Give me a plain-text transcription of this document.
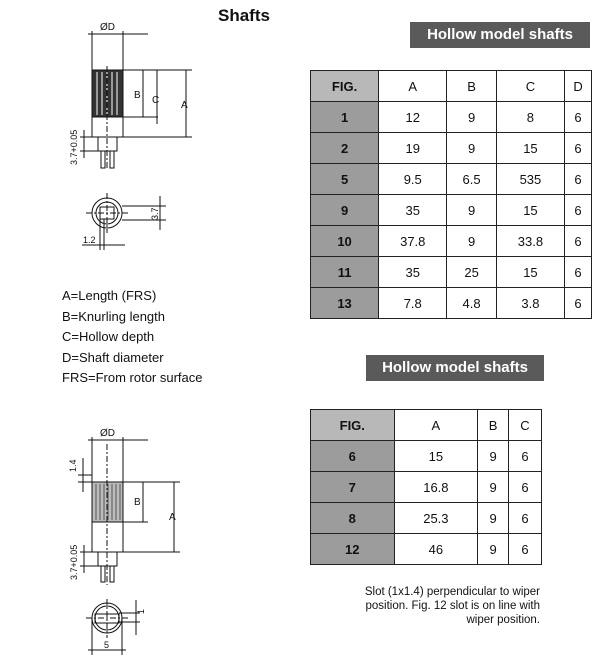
Shafts
Hollow model shafts
FIG.	A	B	C	D
1	12	9	8	6
2	19	9	15	6
5	9.5	6.5	535	6
9	35	9	15	6
10	37.8	9	33.8	6
11	35	25	15	6
13	7.8	4.8	3.8	6
Hollow model shafts
FIG.	A	B	C
6	15	9	6
7	16.8	9	6
8	25.3	9	6
12	46	9	6
A=Length (FRS)
B=Knurling length
C=Hollow depth
D=Shaft diameter
FRS=From rotor surface
Slot (1x1.4) perpendicular to wiper
position. Fig. 12 slot is on line with
wiper position.
ØD
B C A
3.7+0.05
3.7
1.2
ØD
1.4
B
A
3.7+0.05
1
5
